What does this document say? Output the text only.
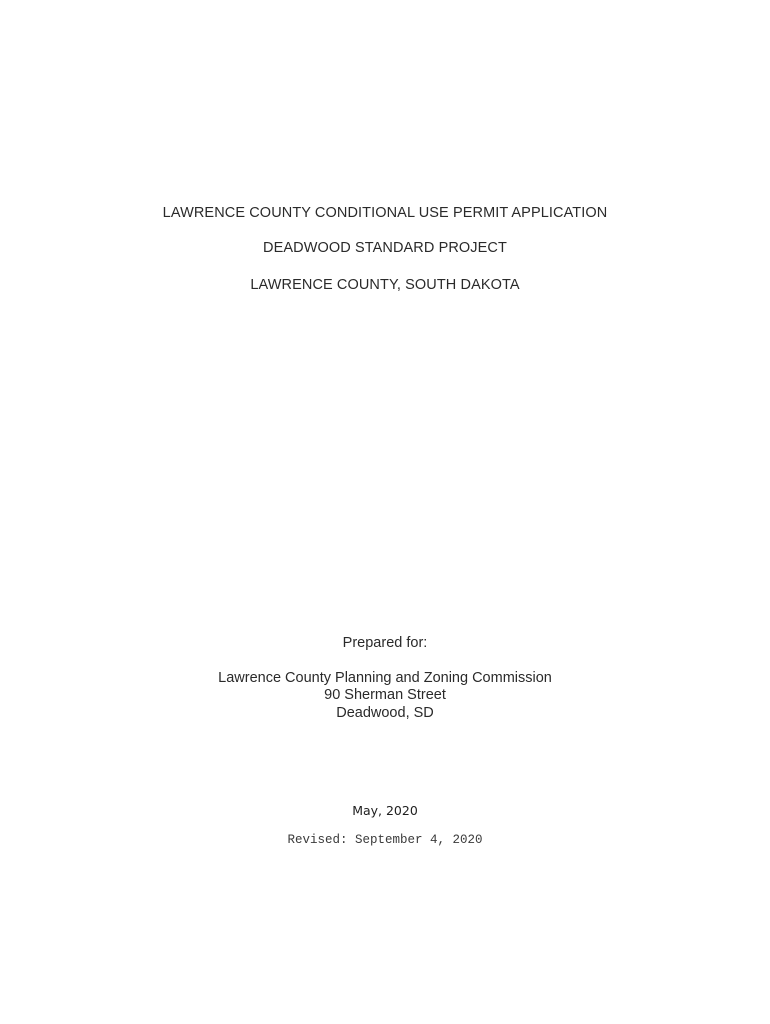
LAWRENCE COUNTY CONDITIONAL USE PERMIT APPLICATION
DEADWOOD STANDARD PROJECT
LAWRENCE COUNTY, SOUTH DAKOTA
Prepared for:
Lawrence County Planning and Zoning Commission
90 Sherman Street
Deadwood, SD
May, 2020
Revised: September 4, 2020
